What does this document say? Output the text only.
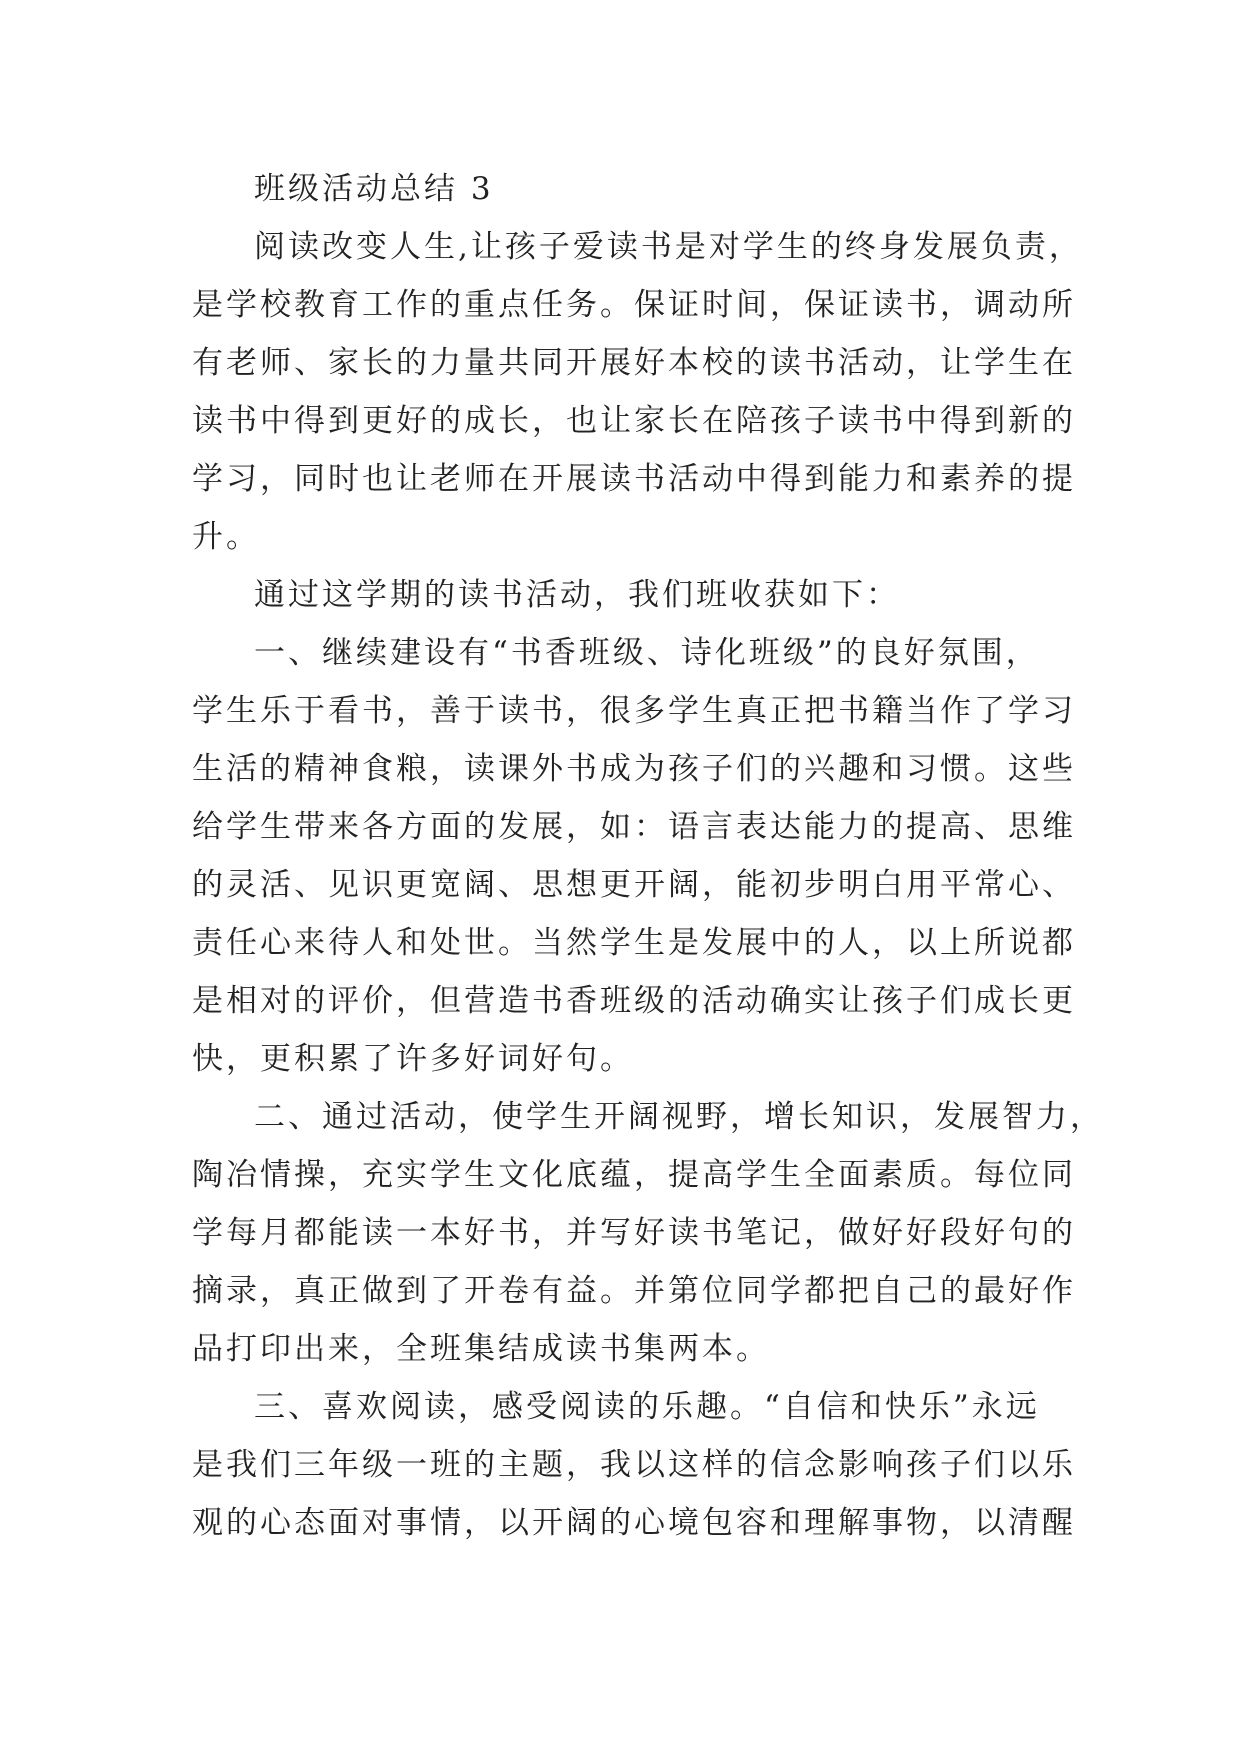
班级活动总结 3
阅读改变人生,让孩子爱读书是对学生的终身发展负责，
是学校教育工作的重点任务。保证时间，保证读书，调动所
有老师、家长的力量共同开展好本校的读书活动，让学生在
读书中得到更好的成长，也让家长在陪孩子读书中得到新的
学习，同时也让老师在开展读书活动中得到能力和素养的提
升。
通过这学期的读书活动，我们班收获如下：
一、继续建设有“书香班级、诗化班级”的良好氛围，
学生乐于看书，善于读书，很多学生真正把书籍当作了学习
生活的精神食粮，读课外书成为孩子们的兴趣和习惯。这些
给学生带来各方面的发展，如：语言表达能力的提高、思维
的灵活、见识更宽阔、思想更开阔，能初步明白用平常心、
责任心来待人和处世。当然学生是发展中的人，以上所说都
是相对的评价，但营造书香班级的活动确实让孩子们成长更
快，更积累了许多好词好句。
二、通过活动，使学生开阔视野，增长知识，发展智力，
陶冶情操，充实学生文化底蕴，提高学生全面素质。每位同
学每月都能读一本好书，并写好读书笔记，做好好段好句的
摘录，真正做到了开卷有益。并第位同学都把自己的最好作
品打印出来，全班集结成读书集两本。
三、喜欢阅读，感受阅读的乐趣。“自信和快乐”永远
是我们三年级一班的主题，我以这样的信念影响孩子们以乐
观的心态面对事情，以开阔的心境包容和理解事物，以清醒
